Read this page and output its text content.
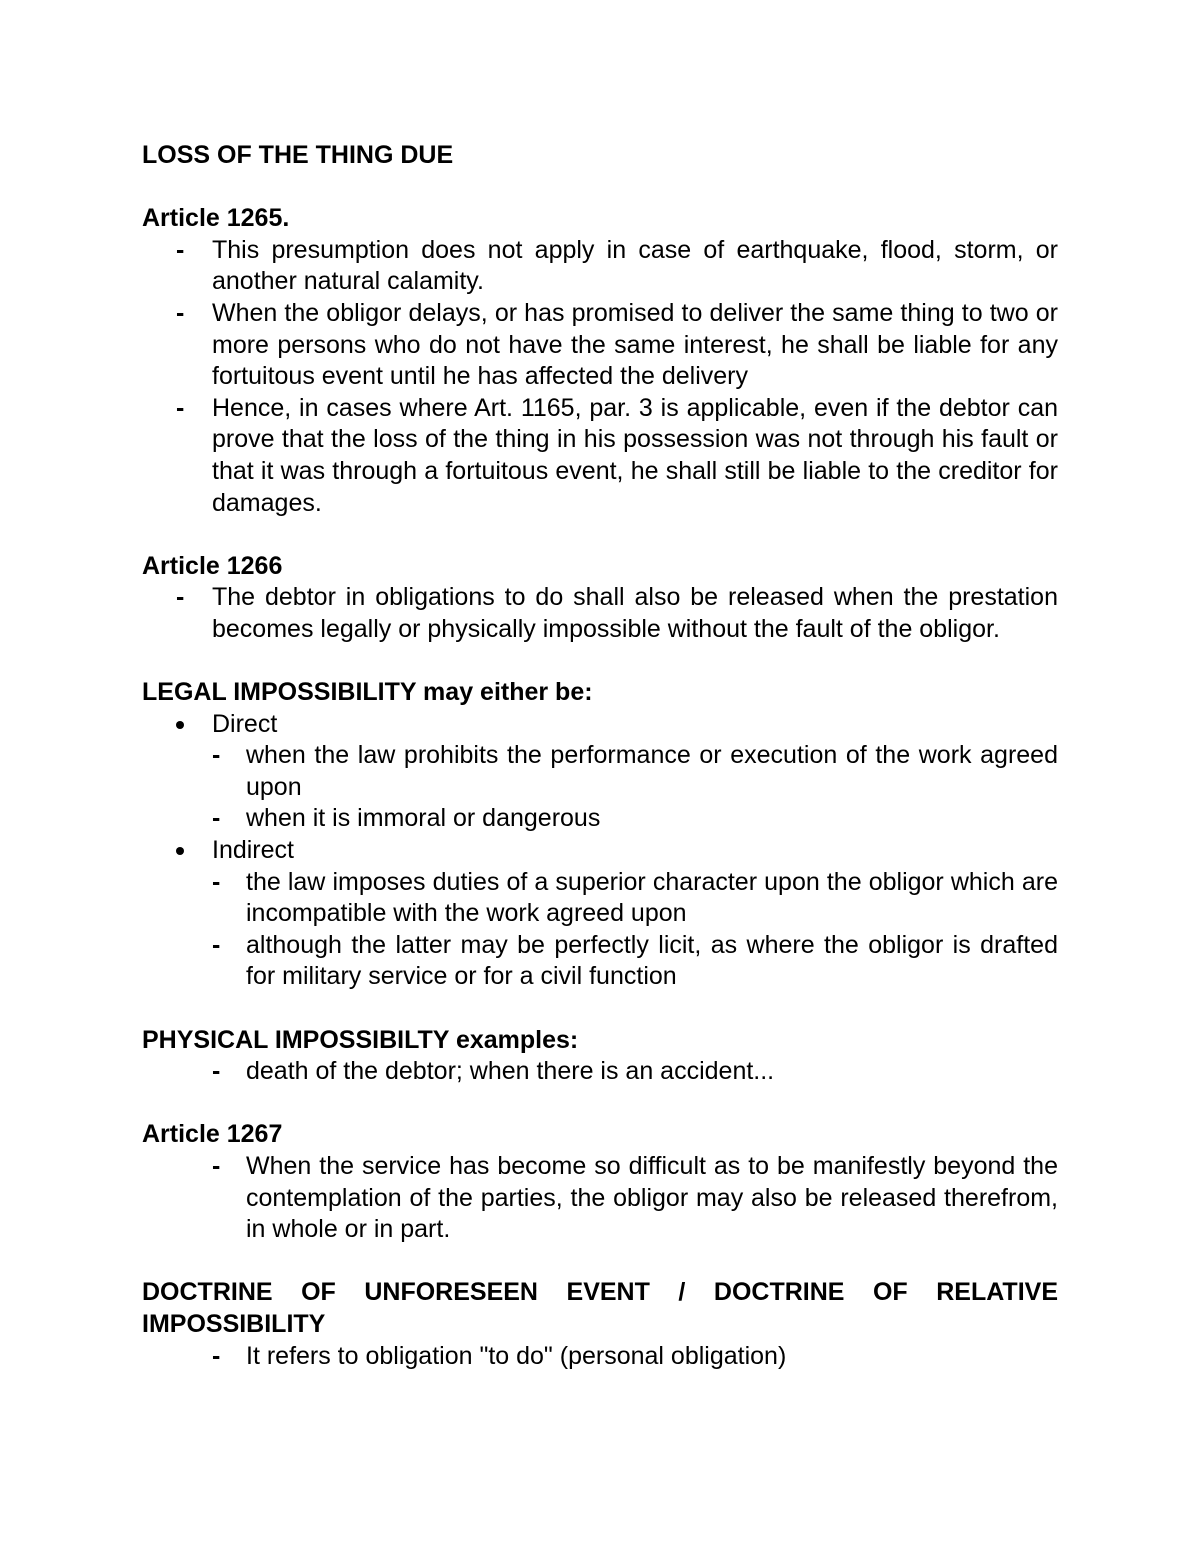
LOSS OF THE THING DUE

Article 1265.

- This presumption does not apply in case of earthquake, flood, storm, or another natural calamity.
- When the obligor delays, or has promised to deliver the same thing to two or more persons who do not have the same interest, he shall be liable for any fortuitous event until he has affected the delivery
- Hence, in cases where Art. 1165, par. 3 is applicable, even if the debtor can prove that the loss of the thing in his possession was not through his fault or that it was through a fortuitous event, he shall still be liable to the creditor for damages.

Article 1266

- The debtor in obligations to do shall also be released when the prestation becomes legally or physically impossible without the fault of the obligor.

LEGAL IMPOSSIBILITY may either be:

Direct
- when the law prohibits the performance or execution of the work agreed upon
- when it is immoral or dangerous
Indirect
- the law imposes duties of a superior character upon the obligor which are incompatible with the work agreed upon
- although the latter may be perfectly licit, as where the obligor is drafted for military service or for a civil function

PHYSICAL IMPOSSIBILTY examples:

- death of the debtor; when there is an accident...

Article 1267

- When the service has become so difficult as to be manifestly beyond the contemplation of the parties, the obligor may also be released therefrom, in whole or in part.

DOCTRINE OF UNFORESEEN EVENT / DOCTRINE OF RELATIVE IMPOSSIBILITY

- It refers to obligation "to do" (personal obligation)
